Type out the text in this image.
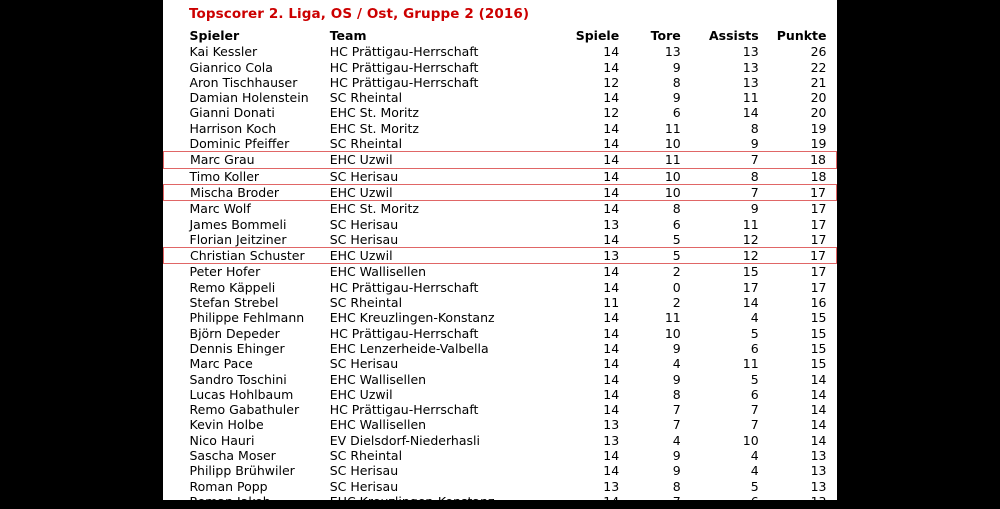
Topscorer 2. Liga, OS / Ost, Gruppe 2 (2016)
Spieler	Team	Spiele	Tore	Assists	Punkte
Kai Kessler	HC Prättigau-Herrschaft	14	13	13	26
Gianrico Cola	HC Prättigau-Herrschaft	14	9	13	22
Aron Tischhauser	HC Prättigau-Herrschaft	12	8	13	21
Damian Holenstein	SC Rheintal	14	9	11	20
Gianni Donati	EHC St. Moritz	12	6	14	20
Harrison Koch	EHC St. Moritz	14	11	8	19
Dominic Pfeiffer	SC Rheintal	14	10	9	19
Marc Grau	EHC Uzwil	14	11	7	18
Timo Koller	SC Herisau	14	10	8	18
Mischa Broder	EHC Uzwil	14	10	7	17
Marc Wolf	EHC St. Moritz	14	8	9	17
James Bommeli	SC Herisau	13	6	11	17
Florian Jeitziner	SC Herisau	14	5	12	17
Christian Schuster	EHC Uzwil	13	5	12	17
Peter Hofer	EHC Wallisellen	14	2	15	17
Remo Käppeli	HC Prättigau-Herrschaft	14	0	17	17
Stefan Strebel	SC Rheintal	11	2	14	16
Philippe Fehlmann	EHC Kreuzlingen-Konstanz	14	11	4	15
Björn Depeder	HC Prättigau-Herrschaft	14	10	5	15
Dennis Ehinger	EHC Lenzerheide-Valbella	14	9	6	15
Marc Pace	SC Herisau	14	4	11	15
Sandro Toschini	EHC Wallisellen	14	9	5	14
Lucas Hohlbaum	EHC Uzwil	14	8	6	14
Remo Gabathuler	HC Prättigau-Herrschaft	14	7	7	14
Kevin Holbe	EHC Wallisellen	13	7	7	14
Nico Hauri	EV Dielsdorf-Niederhasli	13	4	10	14
Sascha Moser	SC Rheintal	14	9	4	13
Philipp Brühwiler	SC Herisau	14	9	4	13
Roman Popp	SC Herisau	13	8	5	13
Roman Jakob	EHC Kreuzlingen-Konstanz	14	7	6	13
